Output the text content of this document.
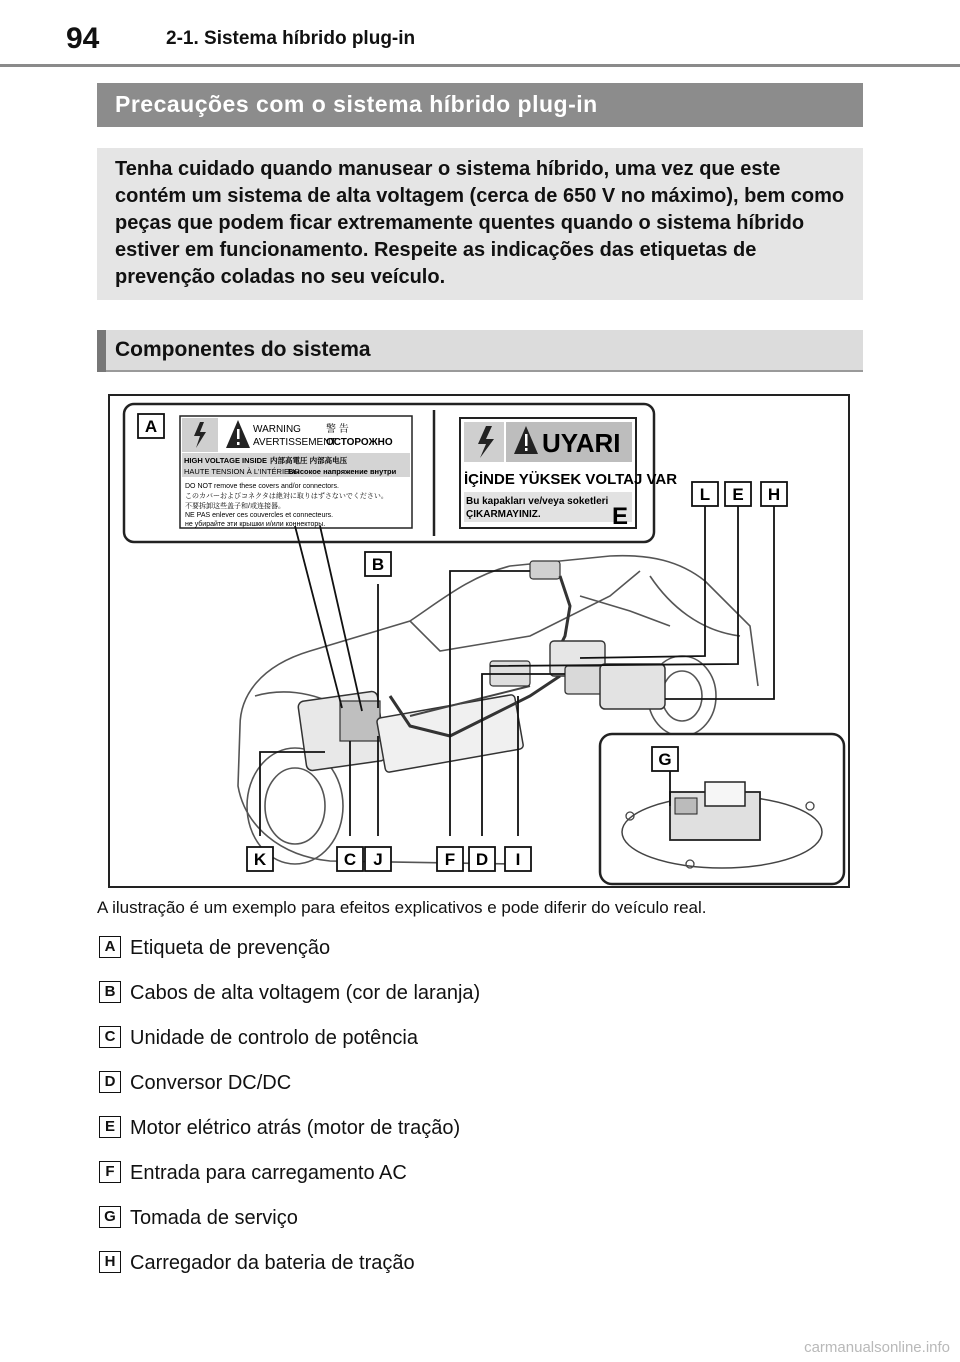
94	2-1. Sistema híbrido plug-in
Precauções com o sistema híbrido plug-in

Tenha cuidado quando manusear o sistema híbrido, uma vez que este contém um sistema de alta voltagem (cerca de 650 V no máximo), bem como peças que podem ficar extremamente quentes quando o sistema híbrido estiver em funcionamento. Respeite as indicações das etiquetas de prevenção coladas no seu veículo.

Componentes do sistema
WARNING
AVERTISSEMENT
警 告
ОСТОРОЖНО
HIGH VOLTAGE INSIDE 内部高電圧 内部高电压
HAUTE TENSION À L'INTÉRIEUR
Высокое напряжение внутри
DO NOT remove these covers and/or connectors.
このカバーおよびコネクタは絶対に取りはずさないでください。
不要拆卸这些盖子和/或连接器。
NE PAS enlever ces couvercles et connecteurs.
не убирайте эти крышки и/или коннекторы.
UYARI
İÇİNDE YÜKSEK VOLTAJ VAR
Bu kapakları ve/veya soketleri
ÇIKARMAYINIZ.
A
B
E
L E H
G
K	C J	F D I
A ilustração é um exemplo para efeitos explicativos e pode diferir do veículo real.
A Etiqueta de prevenção
B Cabos de alta voltagem (cor de laranja)
C Unidade de controlo de potência
D Conversor DC/DC
E Motor elétrico atrás (motor de tração)
F Entrada para carregamento AC
G Tomada de serviço
H Carregador da bateria de tração
carmanualsonline.info
